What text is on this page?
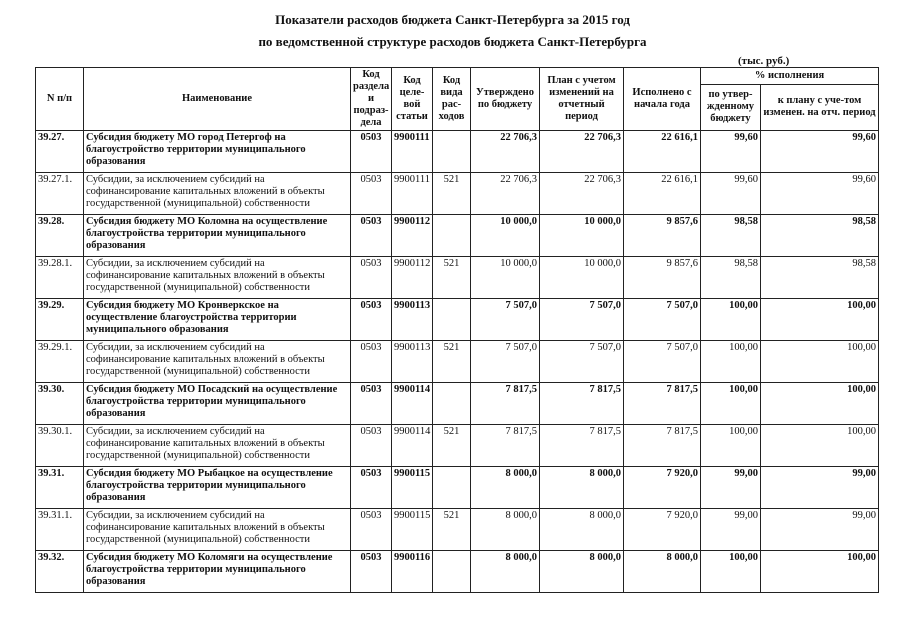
Показатели расходов бюджета Санкт-Петербурга за 2015 год
по ведомственной структуре расходов бюджета Санкт-Петербурга
(тыс. руб.)
N п/п	Наименование	Код раздела и подраз-дела	Код целе-вой статьи	Код вида рас-ходов	Утверждено по бюджету	План с учетом изменений на отчетный период	Исполнено с начала года	% исполнения	
								по утвер-жденному бюджету	к плану с уче-том изменен. на отч. период
39.27.	Субсидия бюджету МО город Петергоф на благоустройство территории муниципального образования	0503	9900111		22 706,3	22 706,3	22 616,1	99,60	99,60
39.27.1.	Субсидии, за исключением субсидий на софинансирование капитальных вложений в объекты государственной (муниципальной) собственности	0503	9900111	521	22 706,3	22 706,3	22 616,1	99,60	99,60
39.28.	Субсидия бюджету МО Коломна на осуществление благоустройства территории муниципального образования	0503	9900112		10 000,0	10 000,0	9 857,6	98,58	98,58
39.28.1.	Субсидии, за исключением субсидий на софинансирование капитальных вложений в объекты государственной (муниципальной) собственности	0503	9900112	521	10 000,0	10 000,0	9 857,6	98,58	98,58
39.29.	Субсидия бюджету МО Кронверкское на осуществление благоустройства территории муниципального образования	0503	9900113		7 507,0	7 507,0	7 507,0	100,00	100,00
39.29.1.	Субсидии, за исключением субсидий на софинансирование капитальных вложений в объекты государственной (муниципальной) собственности	0503	9900113	521	7 507,0	7 507,0	7 507,0	100,00	100,00
39.30.	Субсидия бюджету МО Посадский на осуществление благоустройства территории муниципального образования	0503	9900114		7 817,5	7 817,5	7 817,5	100,00	100,00
39.30.1.	Субсидии, за исключением субсидий на софинансирование капитальных вложений в объекты государственной (муниципальной) собственности	0503	9900114	521	7 817,5	7 817,5	7 817,5	100,00	100,00
39.31.	Субсидия бюджету МО Рыбацкое на осуществление благоустройства территории муниципального образования	0503	9900115		8 000,0	8 000,0	7 920,0	99,00	99,00
39.31.1.	Субсидии, за исключением субсидий на софинансирование капитальных вложений в объекты государственной (муниципальной) собственности	0503	9900115	521	8 000,0	8 000,0	7 920,0	99,00	99,00
39.32.	Субсидия бюджету МО Коломяги на осуществление благоустройства территории муниципального образования	0503	9900116		8 000,0	8 000,0	8 000,0	100,00	100,00
